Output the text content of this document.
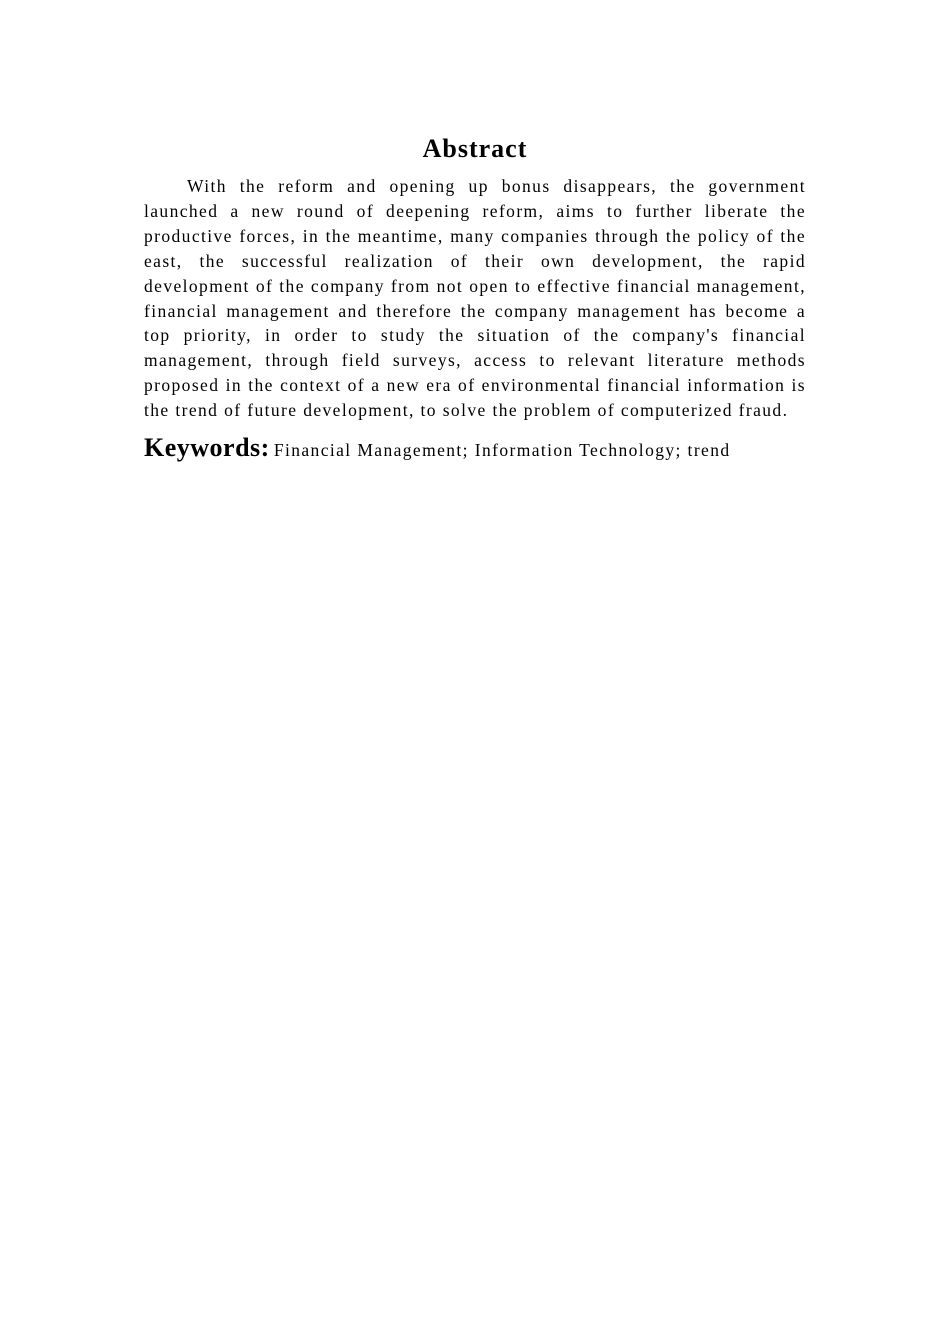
Abstract

With the reform and opening up bonus disappears, the government launched a new round of deepening reform, aims to further liberate the productive forces, in the meantime, many companies through the policy of the east, the successful realization of their own development, the rapid development of the company from not open to effective financial management, financial management and therefore the company management has become a top priority, in order to study the situation of the company's financial management, through field surveys, access to relevant literature methods proposed in the context of a new era of environmental financial information is the trend of future development, to solve the problem of computerized fraud.

Keywords: Financial Management; Information Technology; trend
